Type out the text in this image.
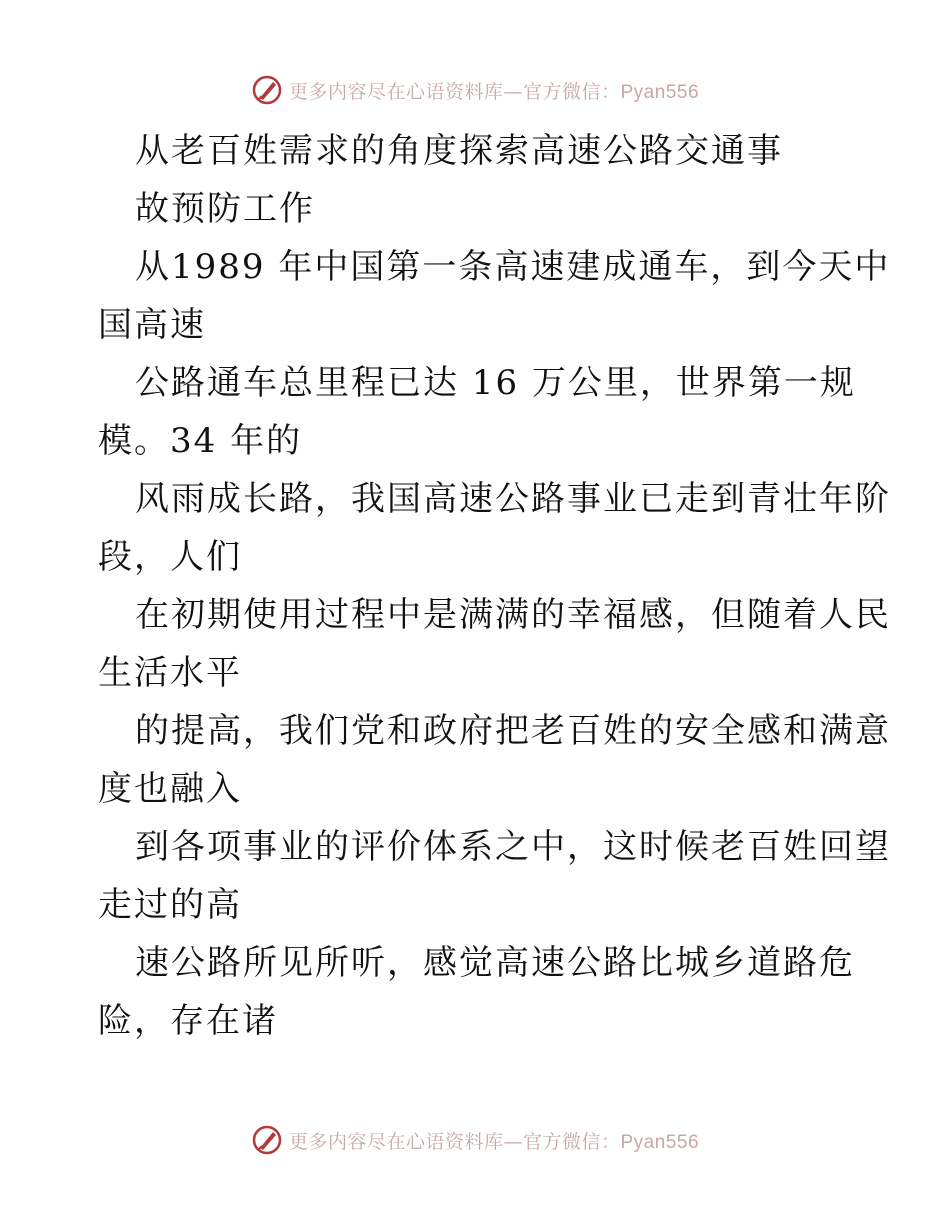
更多内容尽在心语资料库—官方微信：Pyan556
从老百姓需求的角度探索高速公路交通事
故预防工作
从1989 年中国第一条高速建成通车，到今天中
国高速
公路通车总里程已达 16 万公里，世界第一规
模。34 年的
风雨成长路，我国高速公路事业已走到青壮年阶
段，人们
在初期使用过程中是满满的幸福感，但随着人民
生活水平
的提高，我们党和政府把老百姓的安全感和满意
度也融入
到各项事业的评价体系之中，这时候老百姓回望
走过的高
速公路所见所听，感觉高速公路比城乡道路危
险，存在诸
更多内容尽在心语资料库—官方微信：Pyan556
